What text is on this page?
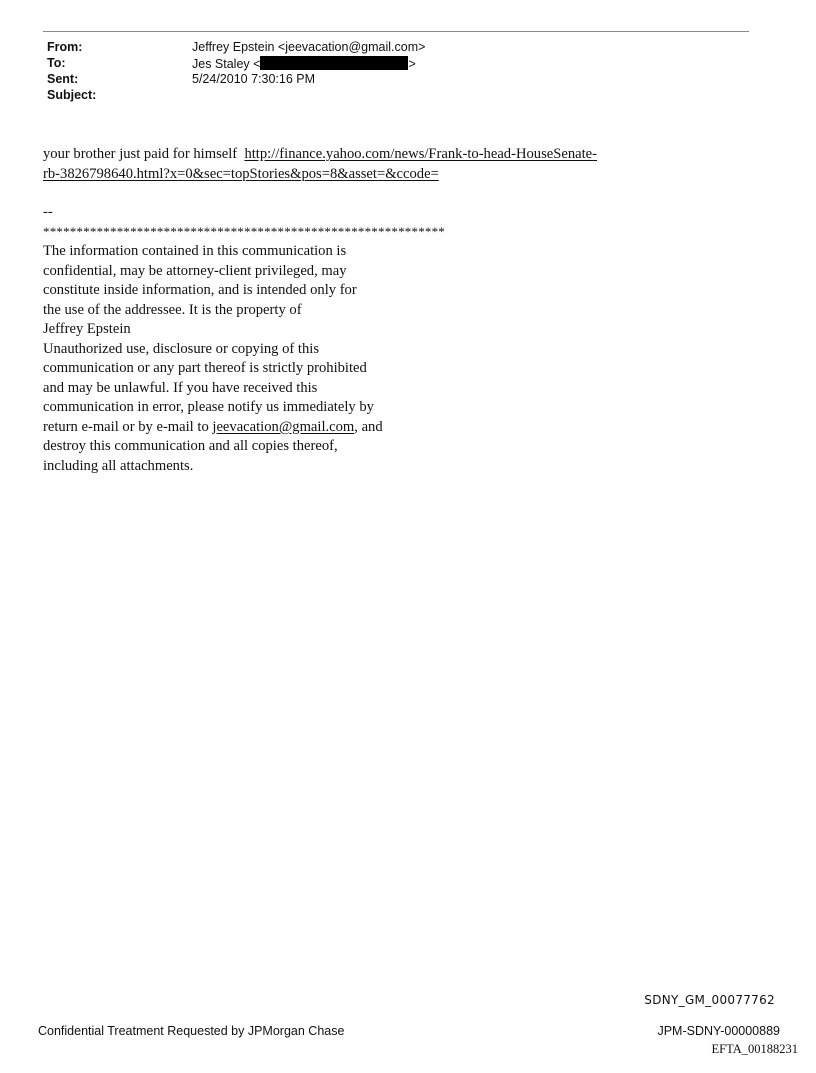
From:	Jeffrey Epstein <jeevacation@gmail.com>
To:	Jes Staley <	>
Sent:	5/24/2010 7:30:16 PM
Subject:
your brother just paid for himself http://finance.yahoo.com/news/Frank-to-head-HouseSenate-
rb-3826798640.html?x=0&sec=topStories&pos=8&asset=&ccode=
--
************************************************************
The information contained in this communication is
confidential, may be attorney-client privileged, may
constitute inside information, and is intended only for
the use of the addressee. It is the property of
Jeffrey Epstein
Unauthorized use, disclosure or copying of this
communication or any part thereof is strictly prohibited
and may be unlawful. If you have received this
communication in error, please notify us immediately by
return e-mail or by e-mail to jeevacation@gmail.com, and
destroy this communication and all copies thereof,
including all attachments.
SDNY_GM_00077762
Confidential Treatment Requested by JPMorgan Chase	JPM-SDNY-00000889
EFTA_00188231
